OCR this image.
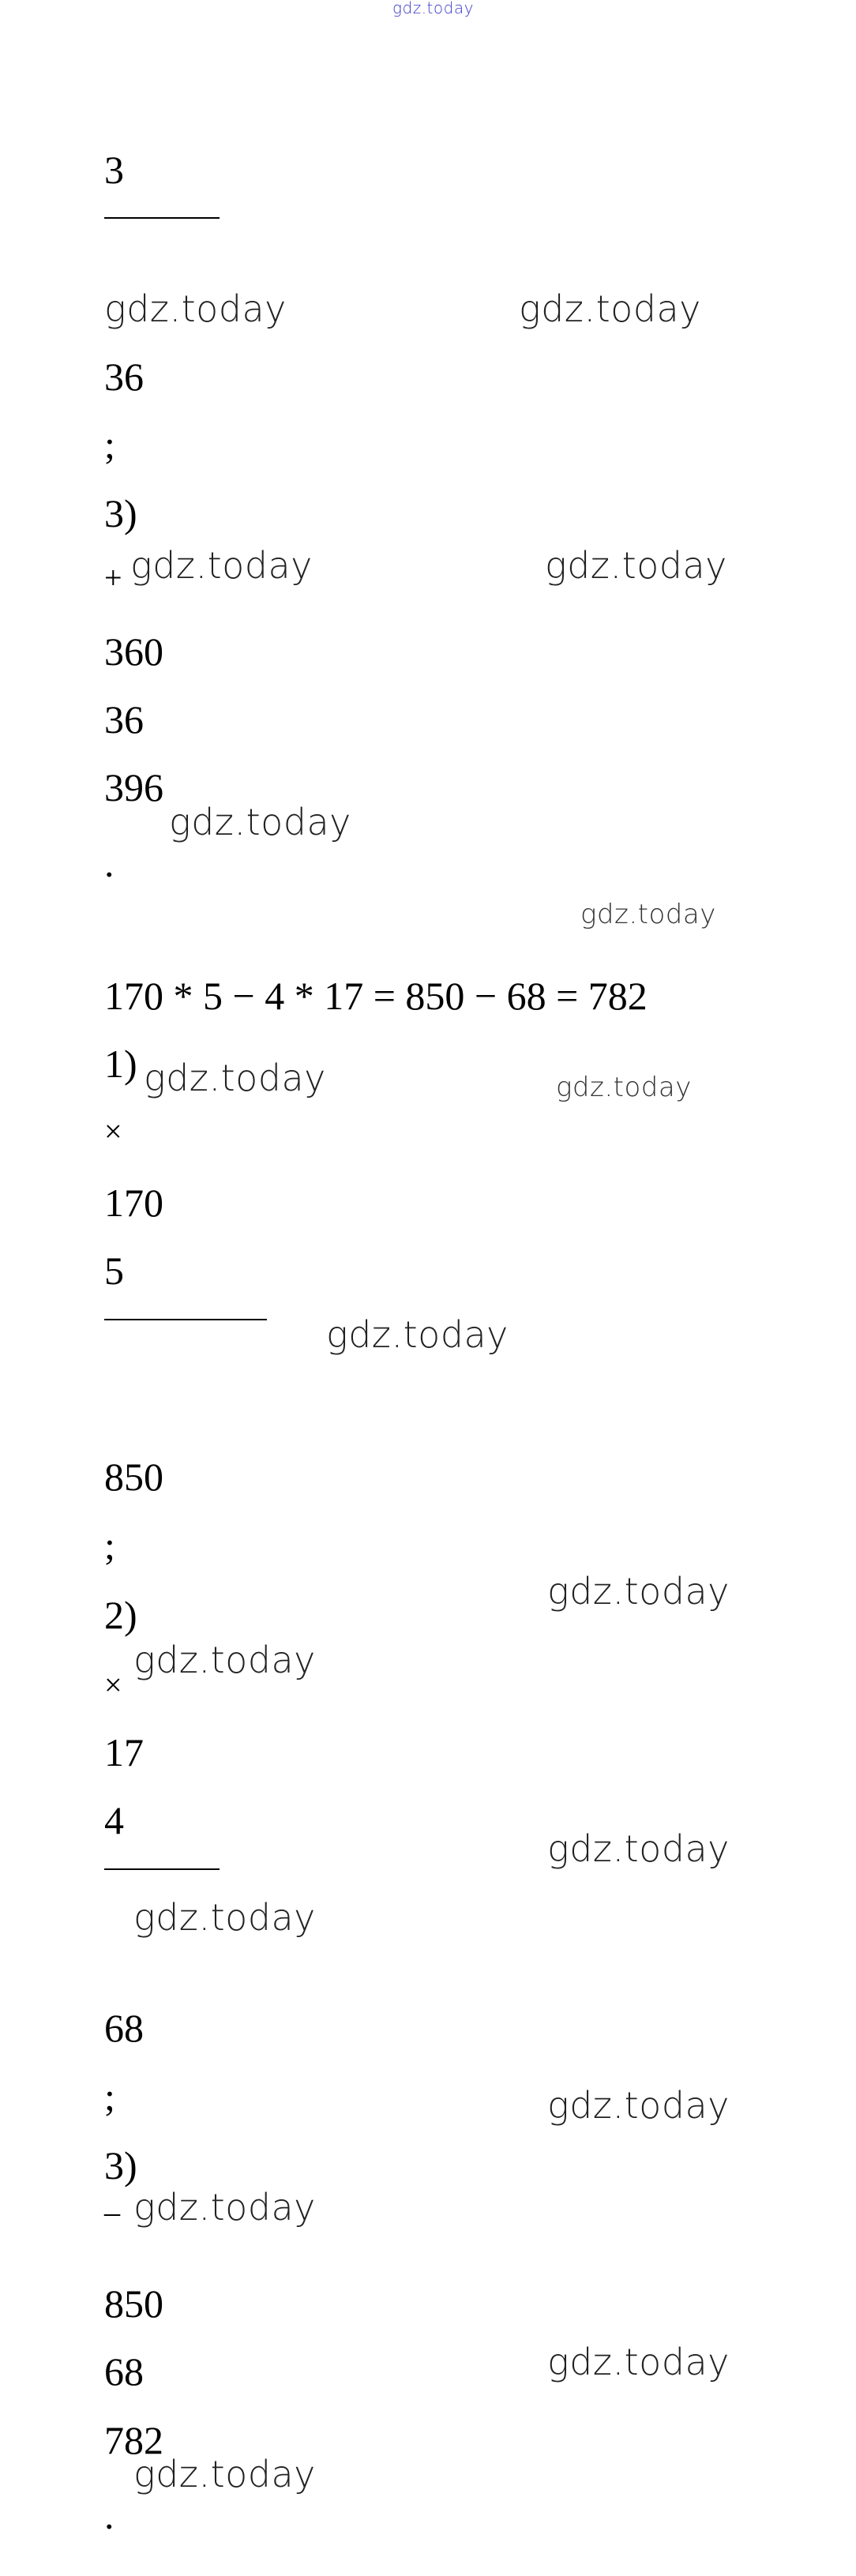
gdz.today
3
gdz.today	gdz.today
36
;
3)
+ gdz.today	gdz.today
360
36
396
gdz.today
.
gdz.today
170 * 5 − 4 * 17 = 850 − 68 = 782
1) gdz.today	gdz.today
×
170
5
gdz.today
850
;
gdz.today
2)
gdz.today
×
17
4
gdz.today
gdz.today
68
;	gdz.today
3)
_ gdz.today
850
gdz.today
68
782
gdz.today
.
